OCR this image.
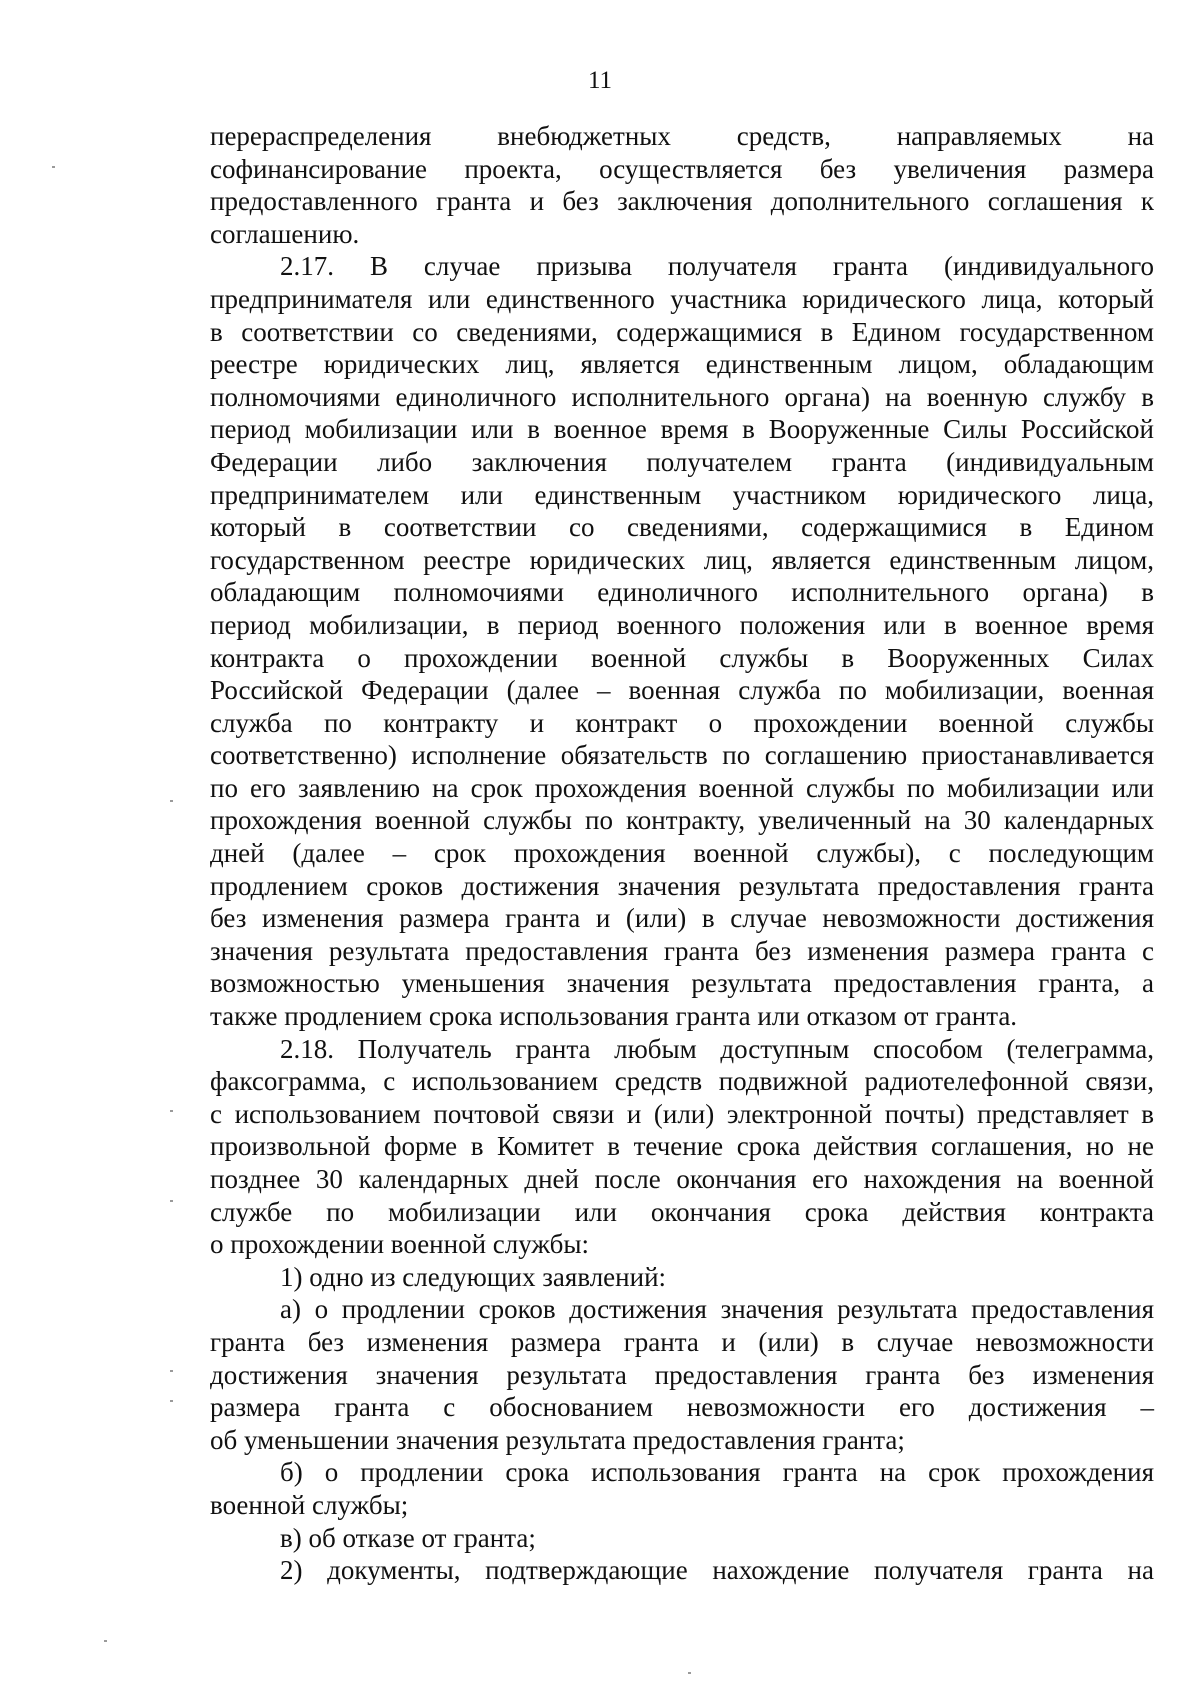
11
перераспределения внебюджетных средств, направляемых на
софинансирование проекта, осуществляется без увеличения размера
предоставленного гранта и без заключения дополнительного соглашения к
соглашению.
2.17. В случае призыва получателя гранта (индивидуального
предпринимателя или единственного участника юридического лица, который
в соответствии со сведениями, содержащимися в Едином государственном
реестре юридических лиц, является единственным лицом, обладающим
полномочиями единоличного исполнительного органа) на военную службу в
период мобилизации или в военное время в Вооруженные Силы Российской
Федерации либо заключения получателем гранта (индивидуальным
предпринимателем или единственным участником юридического лица,
который в соответствии со сведениями, содержащимися в Едином
государственном реестре юридических лиц, является единственным лицом,
обладающим полномочиями единоличного исполнительного органа) в
период мобилизации, в период военного положения или в военное время
контракта о прохождении военной службы в Вооруженных Силах
Российской Федерации (далее – военная служба по мобилизации, военная
служба по контракту и контракт о прохождении военной службы
соответственно) исполнение обязательств по соглашению приостанавливается
по его заявлению на срок прохождения военной службы по мобилизации или
прохождения военной службы по контракту, увеличенный на 30 календарных
дней (далее – срок прохождения военной службы), с последующим
продлением сроков достижения значения результата предоставления гранта
без изменения размера гранта и (или) в случае невозможности достижения
значения результата предоставления гранта без изменения размера гранта с
возможностью уменьшения значения результата предоставления гранта, а
также продлением срока использования гранта или отказом от гранта.
2.18. Получатель гранта любым доступным способом (телеграмма,
факсограмма, с использованием средств подвижной радиотелефонной связи,
с использованием почтовой связи и (или) электронной почты) представляет в
произвольной форме в Комитет в течение срока действия соглашения, но не
позднее 30 календарных дней после окончания его нахождения на военной
службе по мобилизации или окончания срока действия контракта
о прохождении военной службы:
1) одно из следующих заявлений:
а) о продлении сроков достижения значения результата предоставления
гранта без изменения размера гранта и (или) в случае невозможности
достижения значения результата предоставления гранта без изменения
размера гранта с обоснованием невозможности его достижения –
об уменьшении значения результата предоставления гранта;
б) о продлении срока использования гранта на срок прохождения
военной службы;
в) об отказе от гранта;
2) документы, подтверждающие нахождение получателя гранта на
